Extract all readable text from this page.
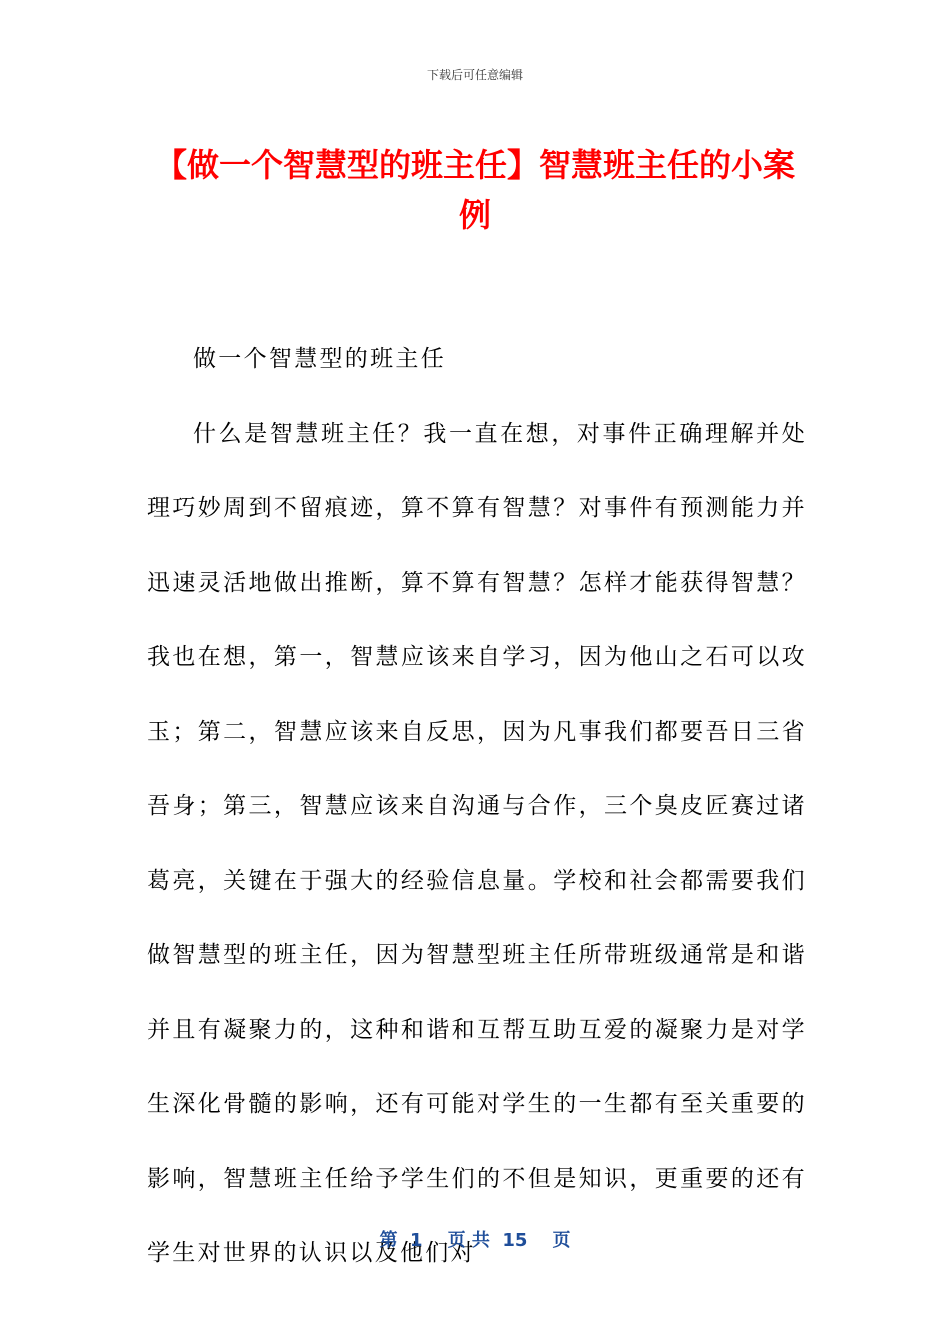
下载后可任意编辑
【做一个智慧型的班主任】智慧班主任的小案例

做一个智慧型的班主任

什么是智慧班主任？我一直在想，对事件正确理解并处理巧妙周到不留痕迹，算不算有智慧？对事件有预测能力并迅速灵活地做出推断，算不算有智慧？怎样才能获得智慧？我也在想，第一，智慧应该来自学习，因为他山之石可以攻玉；第二，智慧应该来自反思，因为凡事我们都要吾日三省吾身；第三，智慧应该来自沟通与合作，三个臭皮匠赛过诸葛亮，关键在于强大的经验信息量。学校和社会都需要我们做智慧型的班主任，因为智慧型班主任所带班级通常是和谐并且有凝聚力的，这种和谐和互帮互助互爱的凝聚力是对学生深化骨髓的影响，还有可能对学生的一生都有至关重要的影响，智慧班主任给予学生们的不但是知识，更重要的还有学生对世界的认识以及他们对

第  1    页 共  15    页
